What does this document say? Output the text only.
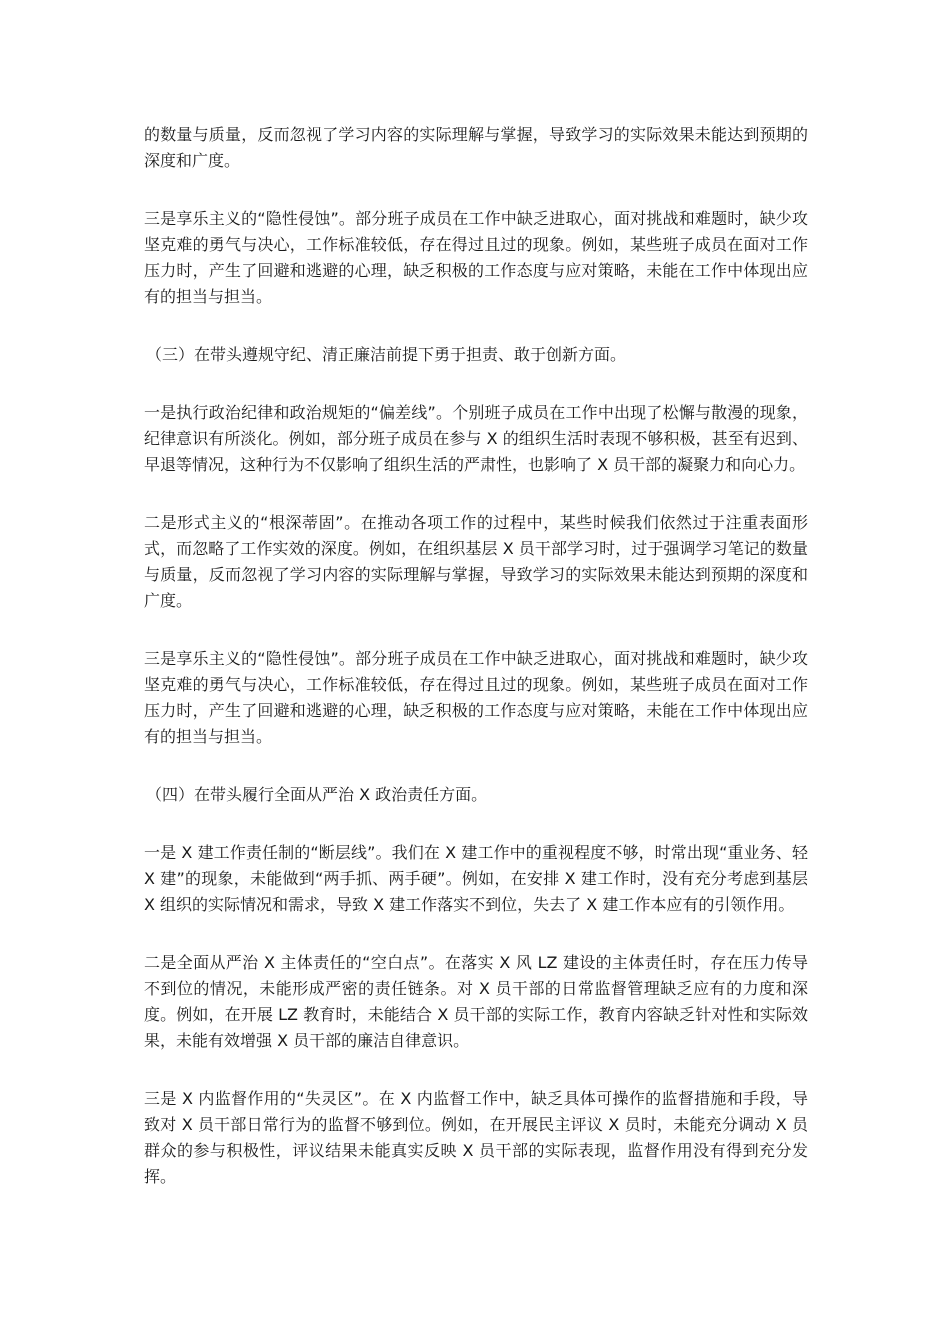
的数量与质量，反而忽视了学习内容的实际理解与掌握，导致学习的实际效果未能达到预期的深度和广度。

三是享乐主义的“隐性侵蚀”。部分班子成员在工作中缺乏进取心，面对挑战和难题时，缺少攻坚克难的勇气与决心，工作标准较低，存在得过且过的现象。例如，某些班子成员在面对工作压力时，产生了回避和逃避的心理，缺乏积极的工作态度与应对策略，未能在工作中体现出应有的担当与担当。

（三）在带头遵规守纪、清正廉洁前提下勇于担责、敢于创新方面。

一是执行政治纪律和政治规矩的“偏差线”。个别班子成员在工作中出现了松懈与散漫的现象，纪律意识有所淡化。例如，部分班子成员在参与 X 的组织生活时表现不够积极，甚至有迟到、早退等情况，这种行为不仅影响了组织生活的严肃性，也影响了 X 员干部的凝聚力和向心力。

二是形式主义的“根深蒂固”。在推动各项工作的过程中，某些时候我们依然过于注重表面形式，而忽略了工作实效的深度。例如，在组织基层 X 员干部学习时，过于强调学习笔记的数量与质量，反而忽视了学习内容的实际理解与掌握，导致学习的实际效果未能达到预期的深度和广度。

三是享乐主义的“隐性侵蚀”。部分班子成员在工作中缺乏进取心，面对挑战和难题时，缺少攻坚克难的勇气与决心，工作标准较低，存在得过且过的现象。例如，某些班子成员在面对工作压力时，产生了回避和逃避的心理，缺乏积极的工作态度与应对策略，未能在工作中体现出应有的担当与担当。

（四）在带头履行全面从严治 X 政治责任方面。

一是 X 建工作责任制的“断层线”。我们在 X 建工作中的重视程度不够，时常出现“重业务、轻 X 建”的现象，未能做到“两手抓、两手硬”。例如，在安排 X 建工作时，没有充分考虑到基层 X 组织的实际情况和需求，导致 X 建工作落实不到位，失去了 X 建工作本应有的引领作用。

二是全面从严治 X 主体责任的“空白点”。在落实 X 风 LZ 建设的主体责任时，存在压力传导不到位的情况，未能形成严密的责任链条。对 X 员干部的日常监督管理缺乏应有的力度和深度。例如，在开展 LZ 教育时，未能结合 X 员干部的实际工作，教育内容缺乏针对性和实际效果，未能有效增强 X 员干部的廉洁自律意识。

三是 X 内监督作用的“失灵区”。在 X 内监督工作中，缺乏具体可操作的监督措施和手段，导致对 X 员干部日常行为的监督不够到位。例如，在开展民主评议 X 员时，未能充分调动 X 员群众的参与积极性，评议结果未能真实反映 X 员干部的实际表现，监督作用没有得到充分发挥。
